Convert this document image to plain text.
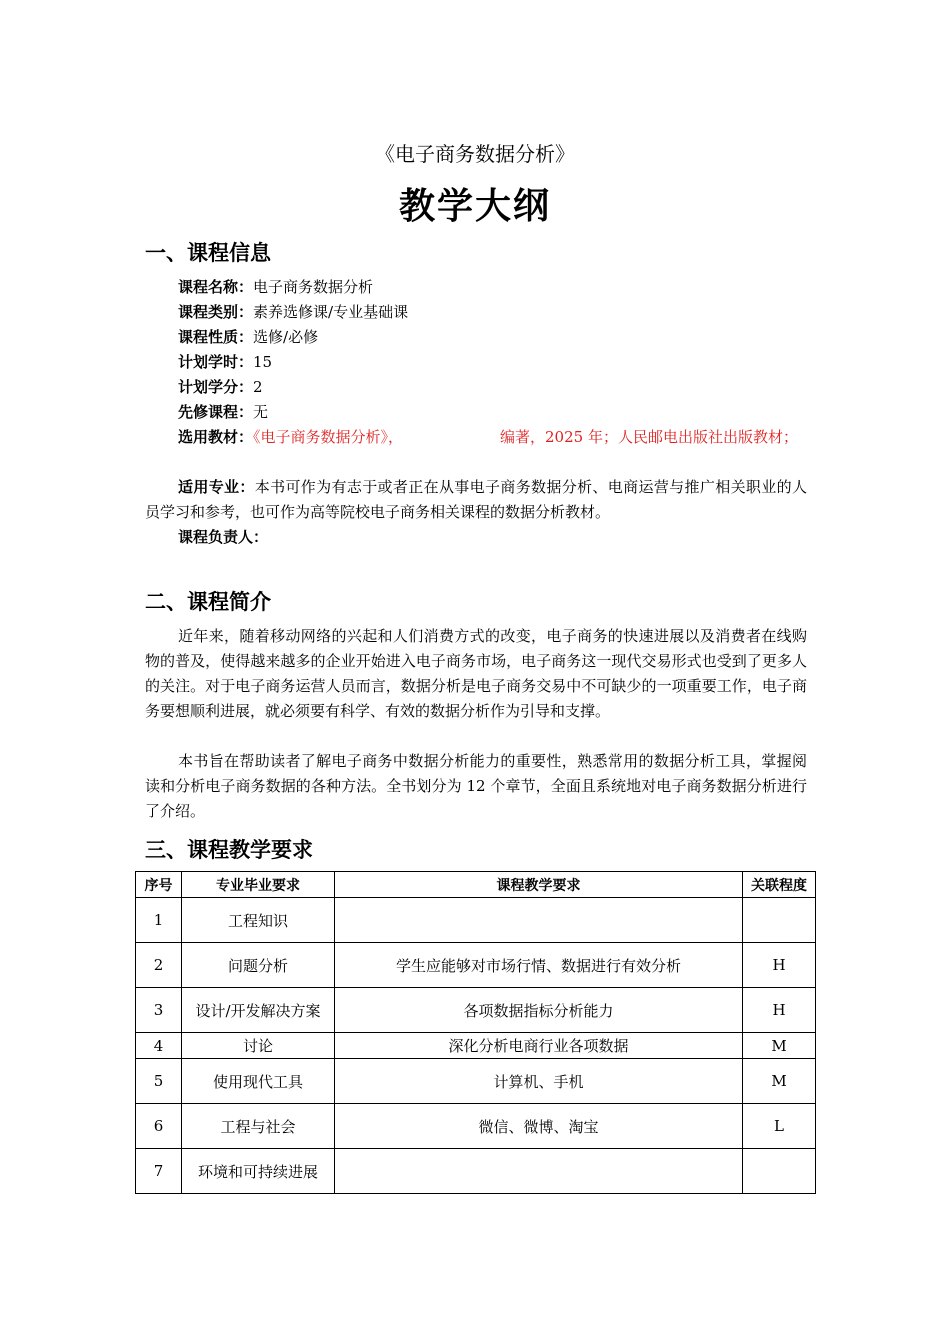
《电子商务数据分析》
教学大纲
一、课程信息
课程名称：电子商务数据分析
课程类别：素养选修课/专业基础课
课程性质：选修/必修
计划学时：15
计划学分：2
先修课程：无
选用教材：《电子商务数据分析》，	编著，2025 年；人民邮电出版社出版教材；
适用专业：本书可作为有志于或者正在从事电子商务数据分析、电商运营与推广相关职业的人员学习和参考，也可作为高等院校电子商务相关课程的数据分析教材。
课程负责人：
二、课程简介
近年来，随着移动网络的兴起和人们消费方式的改变，电子商务的快速进展以及消费者在线购物的普及，使得越来越多的企业开始进入电子商务市场，电子商务这一现代交易形式也受到了更多人的关注。对于电子商务运营人员而言，数据分析是电子商务交易中不可缺少的一项重要工作，电子商务要想顺利进展，就必须要有科学、有效的数据分析作为引导和支撑。
本书旨在帮助读者了解电子商务中数据分析能力的重要性，熟悉常用的数据分析工具，掌握阅读和分析电子商务数据的各种方法。全书划分为 12 个章节，全面且系统地对电子商务数据分析进行了介绍。
三、课程教学要求
序号	专业毕业要求	课程教学要求	关联程度
1	工程知识		
2	问题分析	学生应能够对市场行情、数据进行有效分析	H
3	设计/开发解决方案	各项数据指标分析能力	H
4	讨论	深化分析电商行业各项数据	M
5	使用现代工具	计算机、手机	M
6	工程与社会	微信、微博、淘宝	L
7	环境和可持续进展		
